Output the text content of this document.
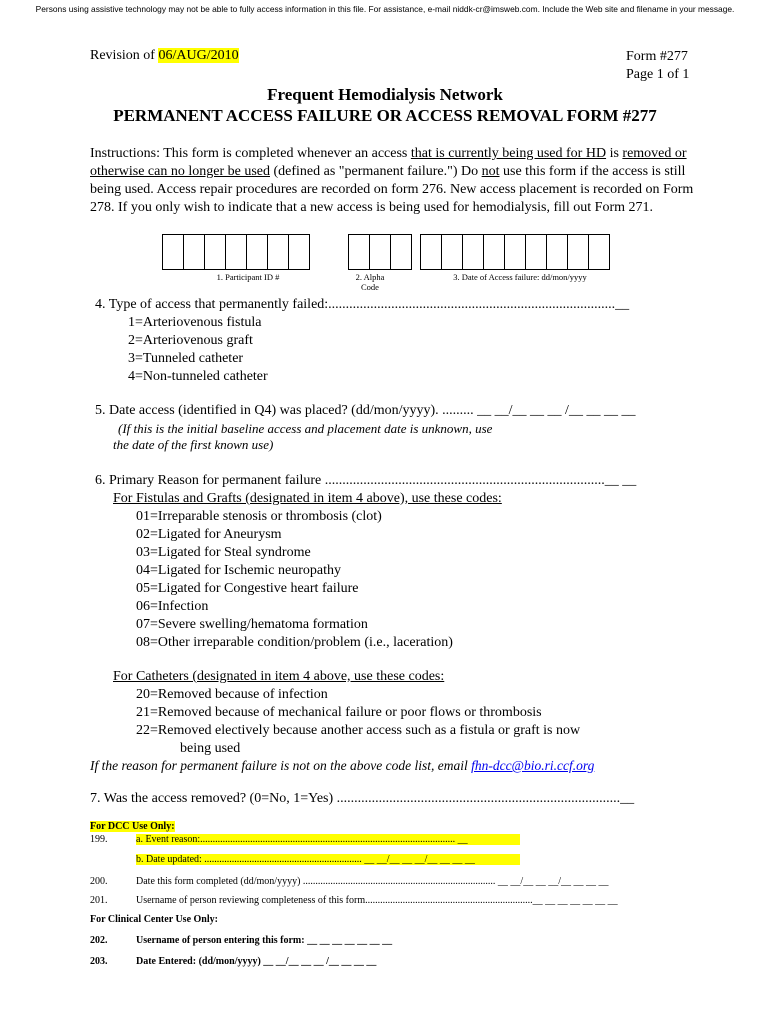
Persons using assistive technology may not be able to fully access information in this file. For assistance, e-mail niddk-cr@imsweb.com. Include the Web site and filename in your message.
Revision of 06/AUG/2010	Form #277
Page 1 of 1
Frequent Hemodialysis Network
PERMANENT ACCESS FAILURE OR ACCESS REMOVAL FORM #277
Instructions: This form is completed whenever an access that is currently being used for HD is removed or otherwise can no longer be used (defined as "permanent failure.") Do not use this form if the access is still being used. Access repair procedures are recorded on form 276. New access placement is recorded on Form 278. If you only wish to indicate that a new access is being used for hemodialysis, fill out Form 271.
1. Participant ID #	2. Alpha
Code
3. Date of Access failure: dd/mon/yyyy
4. Type of access that permanently failed:..................................................................................__
1=Arteriovenous fistula
2=Arteriovenous graft
3=Tunneled catheter
4=Non-tunneled catheter
5. Date access (identified in Q4) was placed? (dd/mon/yyyy). ......... __ __/__ __ __ /__ __ __ __
(If this is the initial baseline access and placement date is unknown, use
the date of the first known use)
6. Primary Reason for permanent failure ................................................................................__ __
For Fistulas and Grafts (designated in item 4 above), use these codes:
01=Irreparable stenosis or thrombosis (clot)
02=Ligated for Aneurysm
03=Ligated for Steal syndrome
04=Ligated for Ischemic neuropathy
05=Ligated for Congestive heart failure
06=Infection
07=Severe swelling/hematoma formation
08=Other irreparable condition/problem (i.e., laceration)
For Catheters (designated in item 4 above, use these codes:
20=Removed because of infection
21=Removed because of mechanical failure or poor flows or thrombosis
22=Removed electively because another access such as a fistula or graft is now
being used
If the reason for permanent failure is not on the above code list, email fhn-dcc@bio.ri.ccf.org
7. Was the access removed? (0=No, 1=Yes) .................................................................................__
For DCC Use Only:
199.	a. Event reason:...................................................................................................... __
b. Date updated: ............................................................... __ __/__ __ __/__ __ __ __
200.	Date this form completed (dd/mon/yyyy) ............................................................................. __ __/__ __ __/__ __ __ __
201.	Username of person reviewing completeness of this form...................................................................__ __ __ __ __ __ __
For Clinical Center Use Only:
202.	Username of person entering this form: __ __ __ __ __ __ __
203.	Date Entered: (dd/mon/yyyy) __ __/__ __ __ /__ __ __ __
